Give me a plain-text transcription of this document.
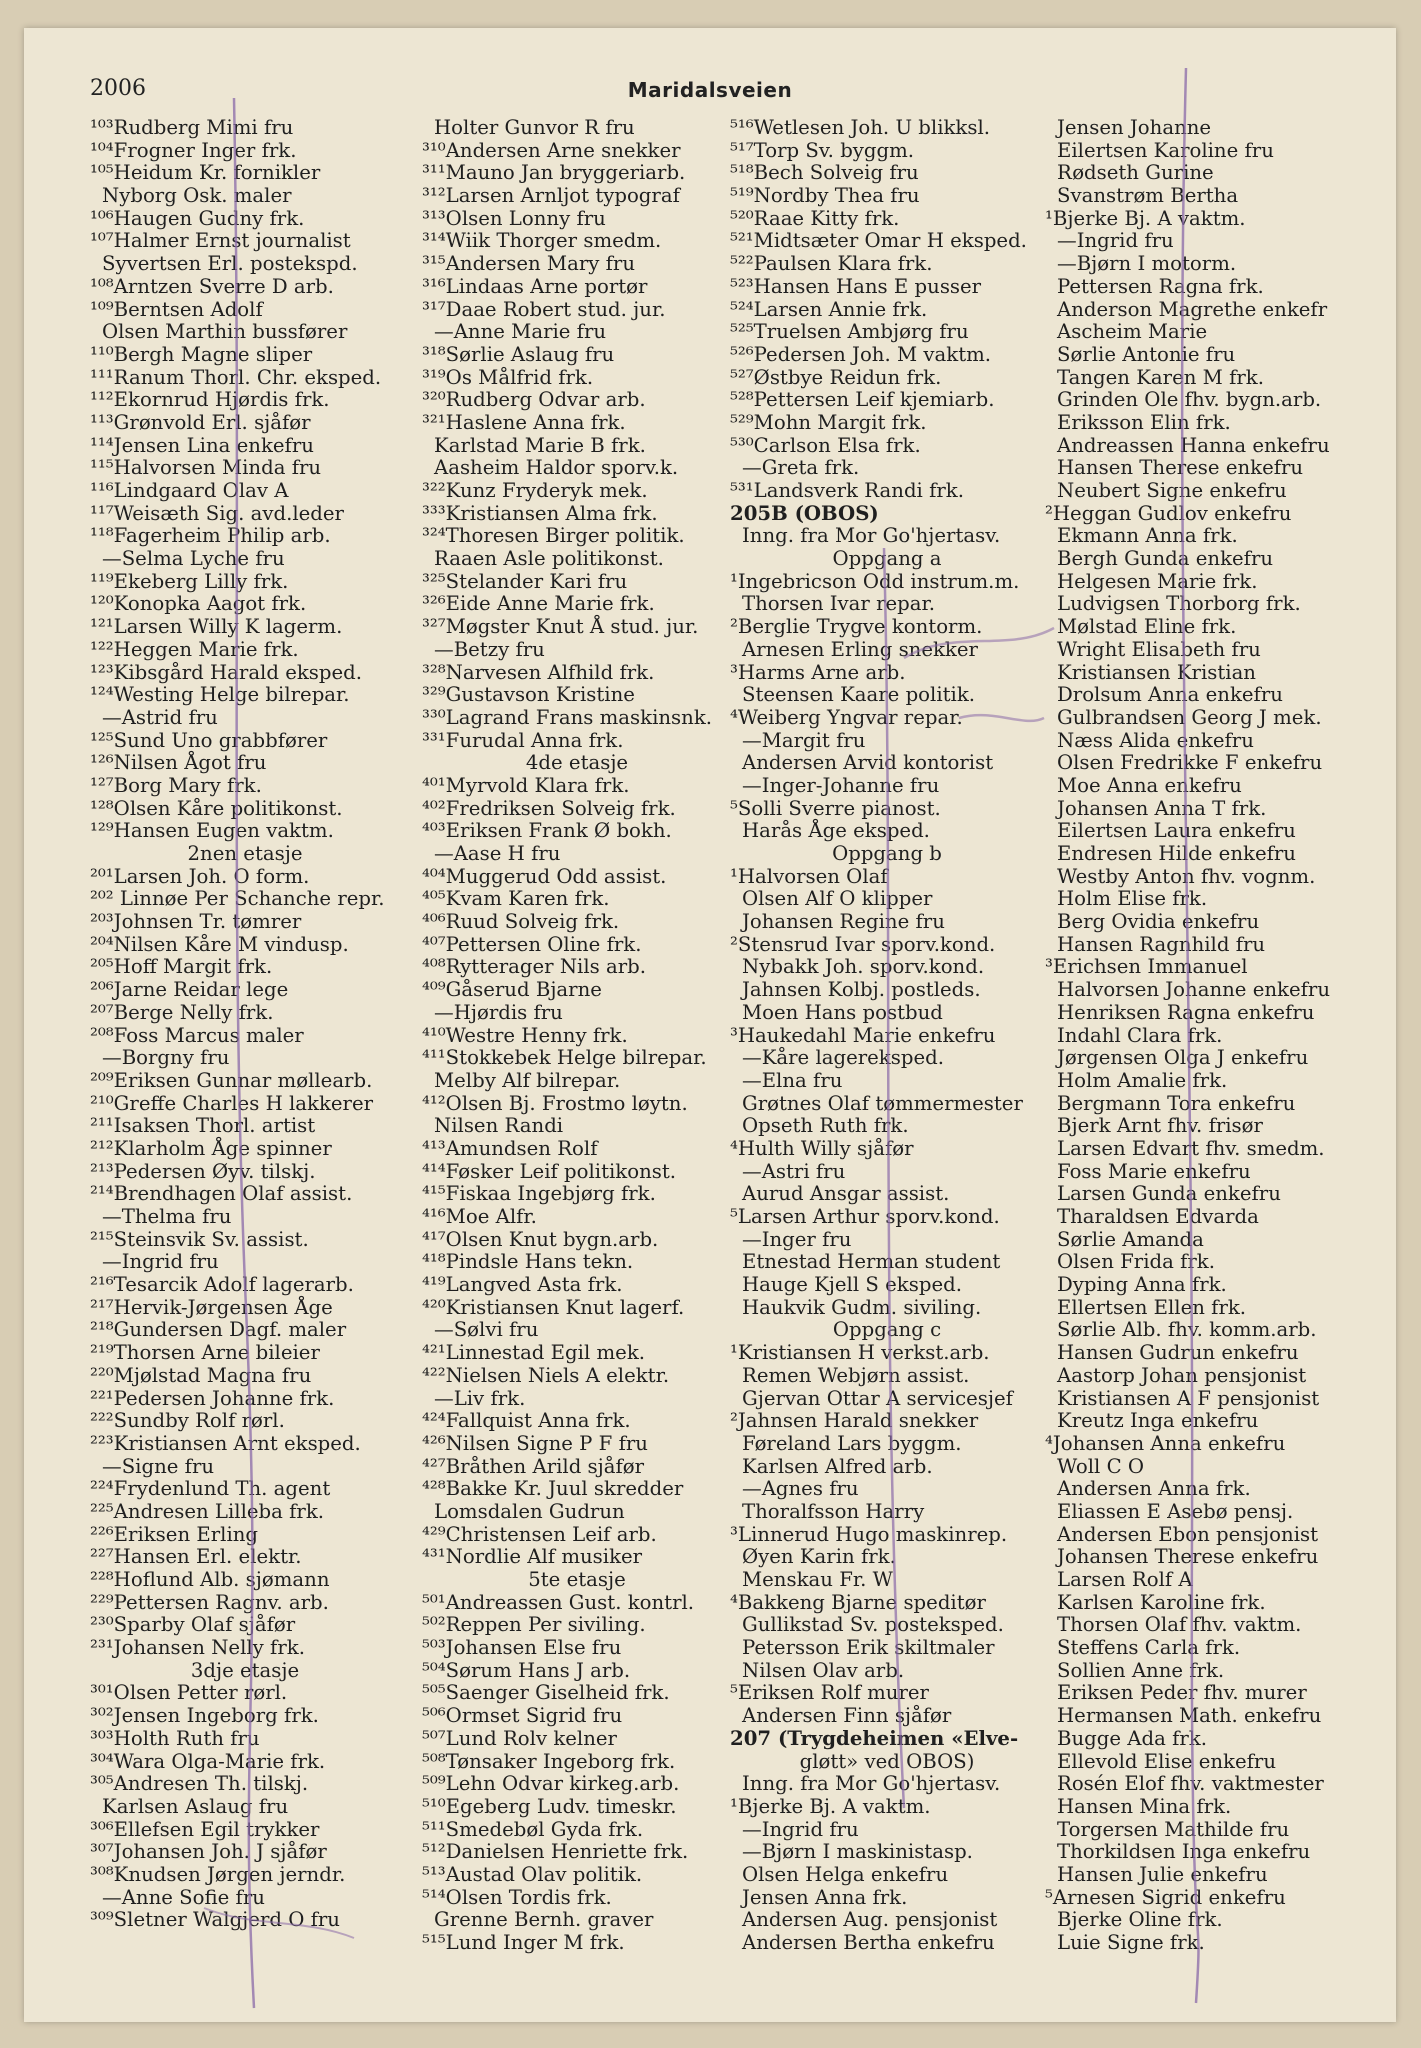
2006	Maridalsveien
¹⁰³Rudberg Mimi fru
¹⁰⁴Frogner Inger frk.
¹⁰⁵Heidum Kr. fornikler
Nyborg Osk. maler
¹⁰⁶Haugen Gudny frk.
¹⁰⁷Halmer Ernst journalist
Syvertsen Erl. postekspd.
¹⁰⁸Arntzen Sverre D arb.
¹⁰⁹Berntsen Adolf
Olsen Marthin bussfører
¹¹⁰Bergh Magne sliper
¹¹¹Ranum Thorl. Chr. eksped.
¹¹²Ekornrud Hjørdis frk.
¹¹³Grønvold Erl. sjåfør
¹¹⁴Jensen Lina enkefru
¹¹⁵Halvorsen Minda fru
¹¹⁶Lindgaard Olav A
¹¹⁷Weisæth Sig. avd.leder
¹¹⁸Fagerheim Philip arb.
—Selma Lyche fru
¹¹⁹Ekeberg Lilly frk.
¹²⁰Konopka Aagot frk.
¹²¹Larsen Willy K lagerm.
¹²²Heggen Marie frk.
¹²³Kibsgård Harald eksped.
¹²⁴Westing Helge bilrepar.
—Astrid fru
¹²⁵Sund Uno grabbfører
¹²⁶Nilsen Ågot fru
¹²⁷Borg Mary frk.
¹²⁸Olsen Kåre politikonst.
¹²⁹Hansen Eugen vaktm.
2nen etasje
²⁰¹Larsen Joh. O form.
²⁰² Linnøe Per Schanche repr.
²⁰³Johnsen Tr. tømrer
²⁰⁴Nilsen Kåre M vindusp.
²⁰⁵Hoff Margit frk.
²⁰⁶Jarne Reidar lege
²⁰⁷Berge Nelly frk.
²⁰⁸Foss Marcus maler
—Borgny fru
²⁰⁹Eriksen Gunnar møllearb.
²¹⁰Greffe Charles H lakkerer
²¹¹Isaksen Thorl. artist
²¹²Klarholm Åge spinner
²¹³Pedersen Øyv. tilskj.
²¹⁴Brendhagen Olaf assist.
—Thelma fru
²¹⁵Steinsvik Sv. assist.
—Ingrid fru
²¹⁶Tesarcik Adolf lagerarb.
²¹⁷Hervik-Jørgensen Åge
²¹⁸Gundersen Dagf. maler
²¹⁹Thorsen Arne bileier
²²⁰Mjølstad Magna fru
²²¹Pedersen Johanne frk.
²²²Sundby Rolf rørl.
²²³Kristiansen Arnt eksped.
—Signe fru
²²⁴Frydenlund Th. agent
²²⁵Andresen Lilleba frk.
²²⁶Eriksen Erling
²²⁷Hansen Erl. elektr.
²²⁸Hoflund Alb. sjømann
²²⁹Pettersen Ragnv. arb.
²³⁰Sparby Olaf sjåfør
²³¹Johansen Nelly frk.
3dje etasje
³⁰¹Olsen Petter rørl.
³⁰²Jensen Ingeborg frk.
³⁰³Holth Ruth fru
³⁰⁴Wara Olga-Marie frk.
³⁰⁵Andresen Th. tilskj.
Karlsen Aslaug fru
³⁰⁶Ellefsen Egil trykker
³⁰⁷Johansen Joh. J sjåfør
³⁰⁸Knudsen Jørgen jerndr.
—Anne Sofie fru
³⁰⁹Sletner Walgjerd O fru
Holter Gunvor R fru
³¹⁰Andersen Arne snekker
³¹¹Mauno Jan bryggeriarb.
³¹²Larsen Arnljot typograf
³¹³Olsen Lonny fru
³¹⁴Wiik Thorger smedm.
³¹⁵Andersen Mary fru
³¹⁶Lindaas Arne portør
³¹⁷Daae Robert stud. jur.
—Anne Marie fru
³¹⁸Sørlie Aslaug fru
³¹⁹Os Målfrid frk.
³²⁰Rudberg Odvar arb.
³²¹Haslene Anna frk.
Karlstad Marie B frk.
Aasheim Haldor sporv.k.
³²²Kunz Fryderyk mek.
³³³Kristiansen Alma frk.
³²⁴Thoresen Birger politik.
Raaen Asle politikonst.
³²⁵Stelander Kari fru
³²⁶Eide Anne Marie frk.
³²⁷Møgster Knut Å stud. jur.
—Betzy fru
³²⁸Narvesen Alfhild frk.
³²⁹Gustavson Kristine
³³⁰Lagrand Frans maskinsnk.
³³¹Furudal Anna frk.
4de etasje
⁴⁰¹Myrvold Klara frk.
⁴⁰²Fredriksen Solveig frk.
⁴⁰³Eriksen Frank Ø bokh.
—Aase H fru
⁴⁰⁴Muggerud Odd assist.
⁴⁰⁵Kvam Karen frk.
⁴⁰⁶Ruud Solveig frk.
⁴⁰⁷Pettersen Oline frk.
⁴⁰⁸Rytterager Nils arb.
⁴⁰⁹Gåserud Bjarne
—Hjørdis fru
⁴¹⁰Westre Henny frk.
⁴¹¹Stokkebek Helge bilrepar.
Melby Alf bilrepar.
⁴¹²Olsen Bj. Frostmo løytn.
Nilsen Randi
⁴¹³Amundsen Rolf
⁴¹⁴Føsker Leif politikonst.
⁴¹⁵Fiskaa Ingebjørg frk.
⁴¹⁶Moe Alfr.
⁴¹⁷Olsen Knut bygn.arb.
⁴¹⁸Pindsle Hans tekn.
⁴¹⁹Langved Asta frk.
⁴²⁰Kristiansen Knut lagerf.
—Sølvi fru
⁴²¹Linnestad Egil mek.
⁴²²Nielsen Niels A elektr.
—Liv frk.
⁴²⁴Fallquist Anna frk.
⁴²⁶Nilsen Signe P F fru
⁴²⁷Bråthen Arild sjåfør
⁴²⁸Bakke Kr. Juul skredder
Lomsdalen Gudrun
⁴²⁹Christensen Leif arb.
⁴³¹Nordlie Alf musiker
5te etasje
⁵⁰¹Andreassen Gust. kontrl.
⁵⁰²Reppen Per siviling.
⁵⁰³Johansen Else fru
⁵⁰⁴Sørum Hans J arb.
⁵⁰⁵Saenger Giselheid frk.
⁵⁰⁶Ormset Sigrid fru
⁵⁰⁷Lund Rolv kelner
⁵⁰⁸Tønsaker Ingeborg frk.
⁵⁰⁹Lehn Odvar kirkeg.arb.
⁵¹⁰Egeberg Ludv. timeskr.
⁵¹¹Smedebøl Gyda frk.
⁵¹²Danielsen Henriette frk.
⁵¹³Austad Olav politik.
⁵¹⁴Olsen Tordis frk.
Grenne Bernh. graver
⁵¹⁵Lund Inger M frk.
⁵¹⁶Wetlesen Joh. U blikksl.
⁵¹⁷Torp Sv. byggm.
⁵¹⁸Bech Solveig fru
⁵¹⁹Nordby Thea fru
⁵²⁰Raae Kitty frk.
⁵²¹Midtsæter Omar H eksped.
⁵²²Paulsen Klara frk.
⁵²³Hansen Hans E pusser
⁵²⁴Larsen Annie frk.
⁵²⁵Truelsen Ambjørg fru
⁵²⁶Pedersen Joh. M vaktm.
⁵²⁷Østbye Reidun frk.
⁵²⁸Pettersen Leif kjemiarb.
⁵²⁹Mohn Margit frk.
⁵³⁰Carlson Elsa frk.
—Greta frk.
⁵³¹Landsverk Randi frk.
205B (OBOS)
Inng. fra Mor Go'hjertasv.
Oppgang a
¹Ingebricson Odd instrum.m.
Thorsen Ivar repar.
²Berglie Trygve kontorm.
Arnesen Erling snekker
³Harms Arne arb.
Steensen Kaare politik.
⁴Weiberg Yngvar repar.
—Margit fru
Andersen Arvid kontorist
—Inger-Johanne fru
⁵Solli Sverre pianost.
Harås Åge eksped.
Oppgang b
¹Halvorsen Olaf
Olsen Alf O klipper
Johansen Regine fru
²Stensrud Ivar sporv.kond.
Nybakk Joh. sporv.kond.
Jahnsen Kolbj. postleds.
Moen Hans postbud
³Haukedahl Marie enkefru
—Kåre lagereksped.
—Elna fru
Grøtnes Olaf tømmermester
Opseth Ruth frk.
⁴Hulth Willy sjåfør
—Astri fru
Aurud Ansgar assist.
⁵Larsen Arthur sporv.kond.
—Inger fru
Etnestad Herman student
Hauge Kjell S eksped.
Haukvik Gudm. siviling.
Oppgang c
¹Kristiansen H verkst.arb.
Remen Webjørn assist.
Gjervan Ottar A servicesjef
²Jahnsen Harald snekker
Føreland Lars byggm.
Karlsen Alfred arb.
—Agnes fru
Thoralfsson Harry
³Linnerud Hugo maskinrep.
Øyen Karin frk.
Menskau Fr. W
⁴Bakkeng Bjarne speditør
Gullikstad Sv. posteksped.
Petersson Erik skiltmaler
Nilsen Olav arb.
⁵Eriksen Rolf murer
Andersen Finn sjåfør
207 (Trygdeheimen «Elve-
gløtt» ved OBOS)
Inng. fra Mor Go'hjertasv.
¹Bjerke Bj. A vaktm.
—Ingrid fru
—Bjørn I maskinistasp.
Olsen Helga enkefru
Jensen Anna frk.
Andersen Aug. pensjonist
Andersen Bertha enkefru
Jensen Johanne
Eilertsen Karoline fru
Rødseth Gurine
Svanstrøm Bertha
¹Bjerke Bj. A vaktm.
—Ingrid fru
—Bjørn I motorm.
Pettersen Ragna frk.
Anderson Magrethe enkefr
Ascheim Marie
Sørlie Antonie fru
Tangen Karen M frk.
Grinden Ole fhv. bygn.arb.
Eriksson Elin frk.
Andreassen Hanna enkefru
Hansen Therese enkefru
Neubert Signe enkefru
²Heggan Gudlov enkefru
Ekmann Anna frk.
Bergh Gunda enkefru
Helgesen Marie frk.
Ludvigsen Thorborg frk.
Mølstad Eline frk.
Wright Elisabeth fru
Kristiansen Kristian
Drolsum Anna enkefru
Gulbrandsen Georg J mek.
Næss Alida enkefru
Olsen Fredrikke F enkefru
Moe Anna enkefru
Johansen Anna T frk.
Eilertsen Laura enkefru
Endresen Hilde enkefru
Westby Anton fhv. vognm.
Holm Elise frk.
Berg Ovidia enkefru
Hansen Ragnhild fru
³Erichsen Immanuel
Halvorsen Johanne enkefru
Henriksen Ragna enkefru
Indahl Clara frk.
Jørgensen Olga J enkefru
Holm Amalie frk.
Bergmann Tora enkefru
Bjerk Arnt fhv. frisør
Larsen Edvart fhv. smedm.
Foss Marie enkefru
Larsen Gunda enkefru
Tharaldsen Edvarda
Sørlie Amanda
Olsen Frida frk.
Dyping Anna frk.
Ellertsen Ellen frk.
Sørlie Alb. fhv. komm.arb.
Hansen Gudrun enkefru
Aastorp Johan pensjonist
Kristiansen A F pensjonist
Kreutz Inga enkefru
⁴Johansen Anna enkefru
Woll C O
Andersen Anna frk.
Eliassen E Asebø pensj.
Andersen Ebon pensjonist
Johansen Therese enkefru
Larsen Rolf A
Karlsen Karoline frk.
Thorsen Olaf fhv. vaktm.
Steffens Carla frk.
Sollien Anne frk.
Eriksen Peder fhv. murer
Hermansen Math. enkefru
Bugge Ada frk.
Ellevold Elise enkefru
Rosén Elof fhv. vaktmester
Hansen Mina frk.
Torgersen Mathilde fru
Thorkildsen Inga enkefru
Hansen Julie enkefru
⁵Arnesen Sigrid enkefru
Bjerke Oline frk.
Luie Signe frk.
